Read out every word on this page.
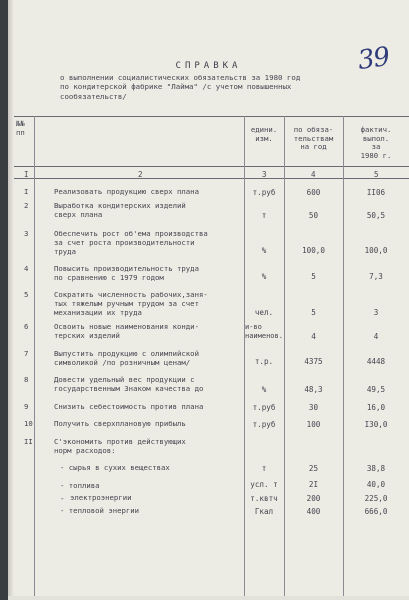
39
СПРАВКА
о выполнении социалистических обязательств за 1980 год
по кондитерской фабрике "Лайма" /с учетом повышенных
сообязательств/
№№
пп	едини.
изм.
по обяза-
тельствам
на год
фактич.
выпол.
за
1980 г.
I	2	3	4	5
I	Реализовать продукцию сверх плана	т.руб	600	II06
2	Выработка кондитерских изделий
сверх плана	т	50	50,5
3	Обеспечить рост об'ема производства
за счет роста производительности
труда	%	100,0	100,0
4	Повысить производительность труда
по сравнению с 1979 годом	%	5	7,3
5	Сократить численность рабочих,заня-
тых тяжелым ручным трудом за счет
механизации их труда	чел.	5	3
6	Освоить новые наименования конди-
терских изделий
и-во наименов.	4	4
7	Выпустить продукцию с олимпийской
символикой /по розничным ценам/	т.р.	4375	4448
8	Довести удельный вес продукции с
государственным Знаком качества до	%	48,3	49,5
9	Снизить себестоимость против плана	т.руб	30	16,0
10	Получить сверхплановую прибыль	т.руб	100	I30,0
II	С'экономить против действующих
норм расходов:
- сырья в сухих веществах	т	25	38,8
- топлива	усл. т	2I	40,0
- электроэнергии	т.квтч	200	225,0
- тепловой энергии	Гкал	400	666,0
